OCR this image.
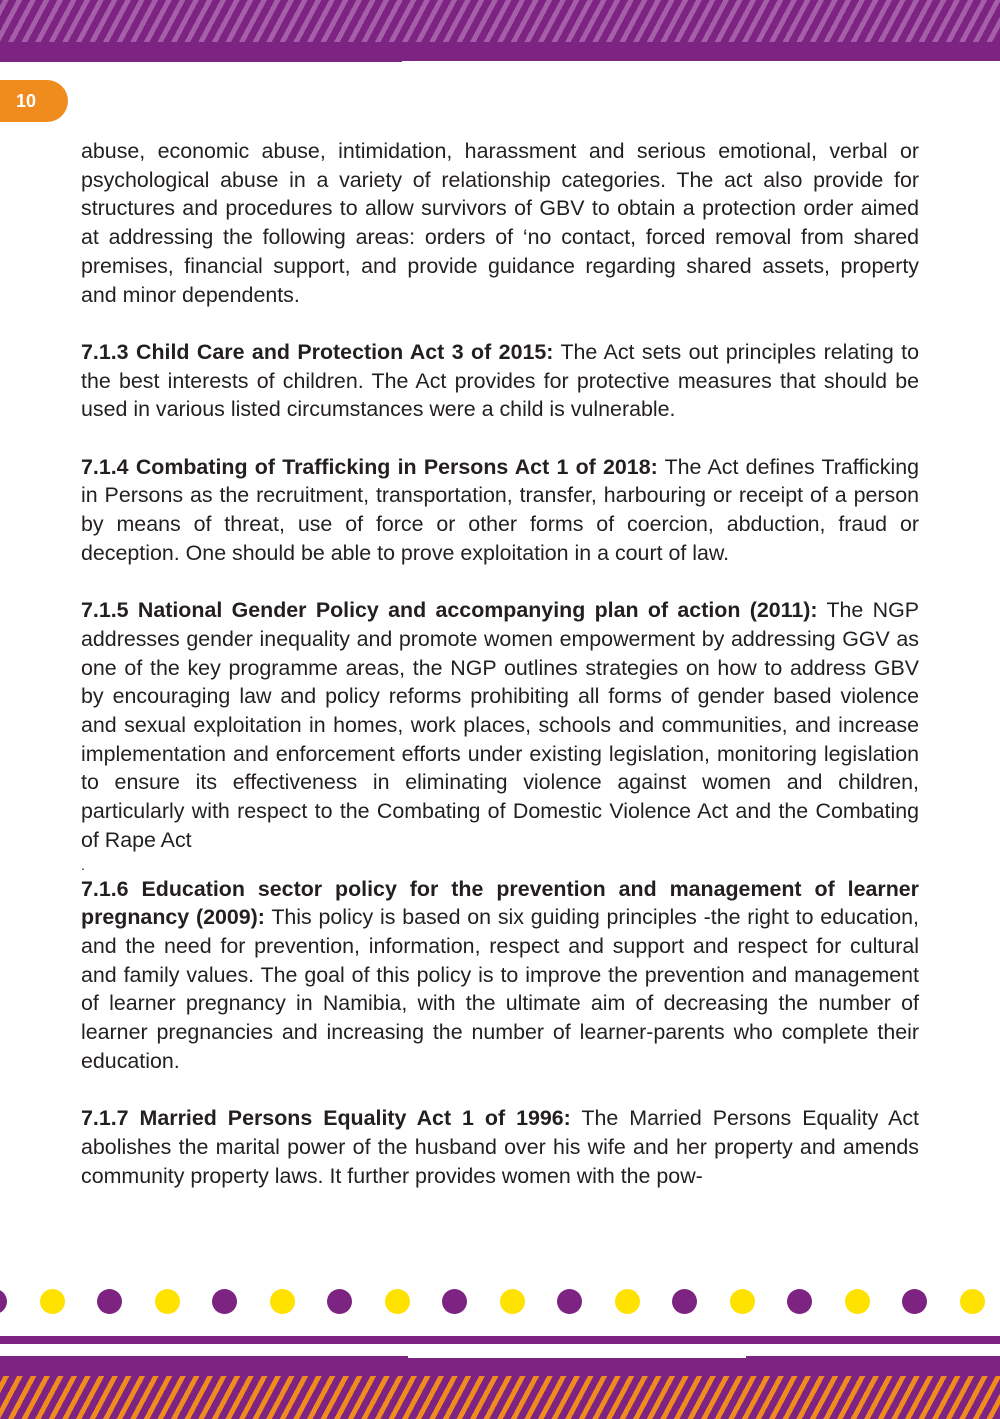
10

abuse, economic abuse, intimidation, harassment and serious emotional, verbal or psychological abuse in a variety of relationship categories. The act also provide for structures and procedures to allow survivors of GBV to obtain a protection order aimed at addressing the following areas: orders of ‘no contact, forced removal from shared premises, financial support, and provide guidance regarding shared assets, property and minor dependents.

7.1.3 Child Care and Protection Act 3 of 2015: The Act sets out principles relating to the best interests of children. The Act provides for protective measures that should be used in various listed circumstances were a child is vulnerable.

7.1.4 Combating of Trafficking in Persons Act 1 of 2018: The Act defines Trafficking in Persons as the recruitment, transportation, transfer, harbouring or receipt of a person by means of threat, use of force or other forms of coercion, abduction, fraud or deception. One should be able to prove exploitation in a court of law.

7.1.5 National Gender Policy and accompanying plan of action (2011): The NGP addresses gender inequality and promote women empowerment by addressing GGV as one of the key programme areas, the NGP outlines strategies on how to address GBV by encouraging law and policy reforms prohibiting all forms of gender based violence and sexual exploitation in homes, work places, schools and communities, and increase implementation and enforcement efforts under existing legislation, monitoring legislation to ensure its effectiveness in eliminating violence against women and children, particularly with respect to the Combating of Domestic Violence Act and the Combating of Rape Act

.

7.1.6 Education sector policy for the prevention and management of learner pregnancy (2009): This policy is based on six guiding principles -the right to education, and the need for prevention, information, respect and support and respect for cultural and family values. The goal of this policy is to improve the prevention and management of learner pregnancy in Namibia, with the ultimate aim of decreasing the number of learner pregnancies and increasing the number of learner-parents who complete their education.

7.1.7 Married Persons Equality Act 1 of 1996: The Married Persons Equality Act abolishes the marital power of the husband over his wife and her property and amends community property laws. It further provides women with the pow-
